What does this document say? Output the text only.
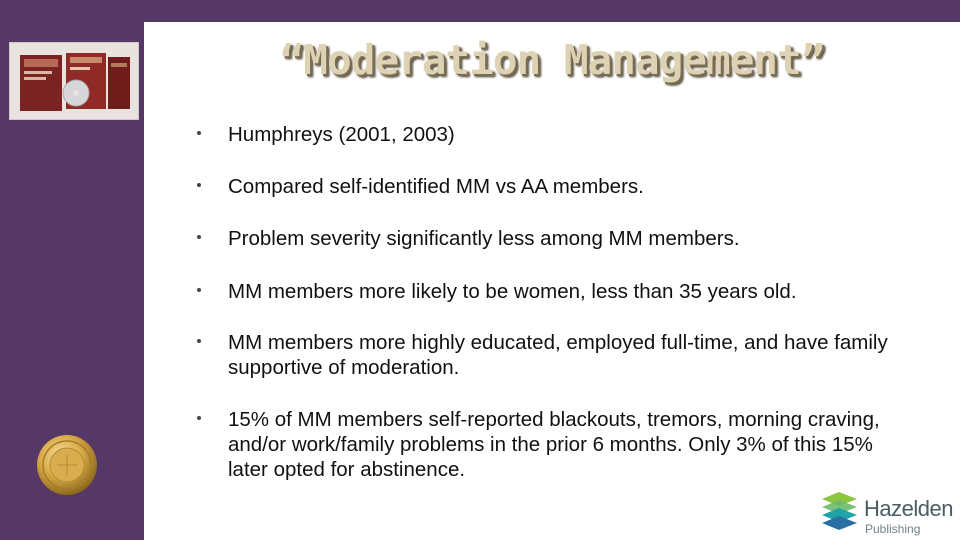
“Moderation Management”
Humphreys (2001, 2003)
Compared self-identified MM vs AA members.
Problem severity significantly less among MM members.
MM members more likely to be women, less than 35 years old.
MM members more highly educated, employed full-time, and have family supportive of moderation.
15% of MM members self-reported blackouts, tremors, morning craving, and/or work/family problems in the prior 6 months. Only 3% of this 15% later opted for abstinence.
Hazelden
Publishing
